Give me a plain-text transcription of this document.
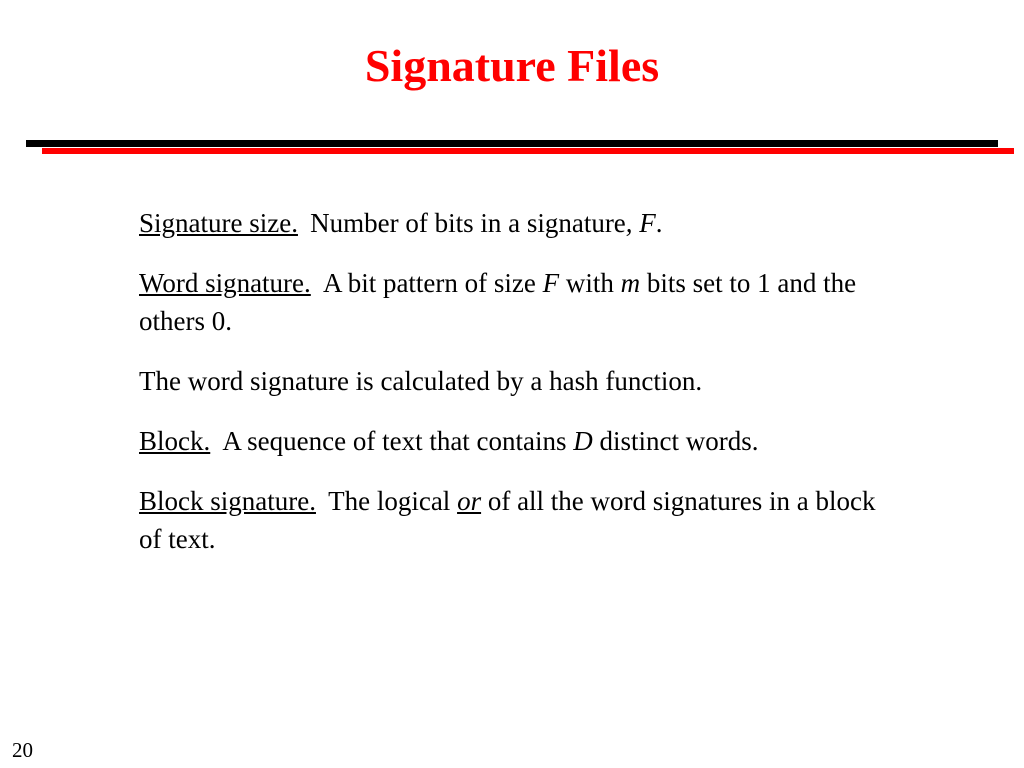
Signature Files

Signature size. Number of bits in a signature, F.

Word signature. A bit pattern of size F with m bits set to 1 and the others 0.

The word signature is calculated by a hash function.

Block. A sequence of text that contains D distinct words.

Block signature. The logical or of all the word signatures in a block of text.

20
